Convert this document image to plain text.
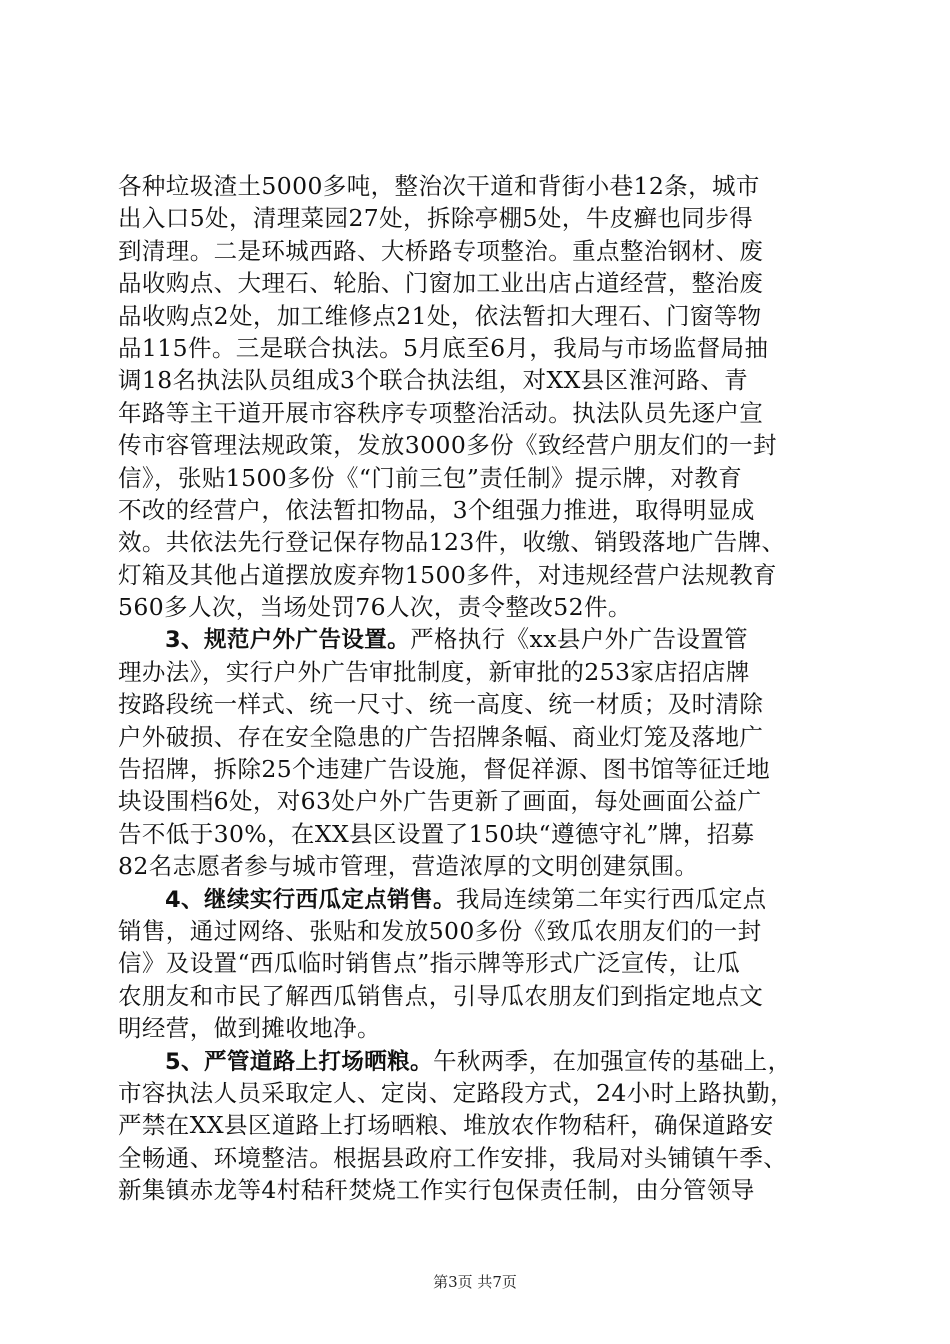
各种垃圾渣土5000多吨，整治次干道和背街小巷12条，城市
出入口5处，清理菜园27处，拆除亭棚5处，牛皮癣也同步得
到清理。二是环城西路、大桥路专项整治。重点整治钢材、废
品收购点、大理石、轮胎、门窗加工业出店占道经营，整治废
品收购点2处，加工维修点21处，依法暂扣大理石、门窗等物
品115件。三是联合执法。5月底至6月，我局与市场监督局抽
调18名执法队员组成3个联合执法组，对XX县区淮河路、青
年路等主干道开展市容秩序专项整治活动。执法队员先逐户宣
传市容管理法规政策，发放3000多份《致经营户朋友们的一封
信》，张贴1500多份《“门前三包”责任制》提示牌，对教育
不改的经营户，依法暂扣物品，3个组强力推进，取得明显成
效。共依法先行登记保存物品123件，收缴、销毁落地广告牌、
灯箱及其他占道摆放废弃物1500多件，对违规经营户法规教育
560多人次，当场处罚76人次，责令整改52件。
3、规范户外广告设置。严格执行《xx县户外广告设置管
理办法》，实行户外广告审批制度，新审批的253家店招店牌
按路段统一样式、统一尺寸、统一高度、统一材质；及时清除
户外破损、存在安全隐患的广告招牌条幅、商业灯笼及落地广
告招牌，拆除25个违建广告设施，督促祥源、图书馆等征迁地
块设围档6处，对63处户外广告更新了画面，每处画面公益广
告不低于30%，在XX县区设置了150块“遵德守礼”牌，招募
82名志愿者参与城市管理，营造浓厚的文明创建氛围。
4、继续实行西瓜定点销售。我局连续第二年实行西瓜定点
销售，通过网络、张贴和发放500多份《致瓜农朋友们的一封
信》及设置“西瓜临时销售点”指示牌等形式广泛宣传，让瓜
农朋友和市民了解西瓜销售点，引导瓜农朋友们到指定地点文
明经营，做到摊收地净。
5、严管道路上打场晒粮。午秋两季，在加强宣传的基础上，
市容执法人员采取定人、定岗、定路段方式，24小时上路执勤，
严禁在XX县区道路上打场晒粮、堆放农作物秸秆，确保道路安
全畅通、环境整洁。根据县政府工作安排，我局对头铺镇午季、
新集镇赤龙等4村秸秆焚烧工作实行包保责任制，由分管领导
第3页 共7页
